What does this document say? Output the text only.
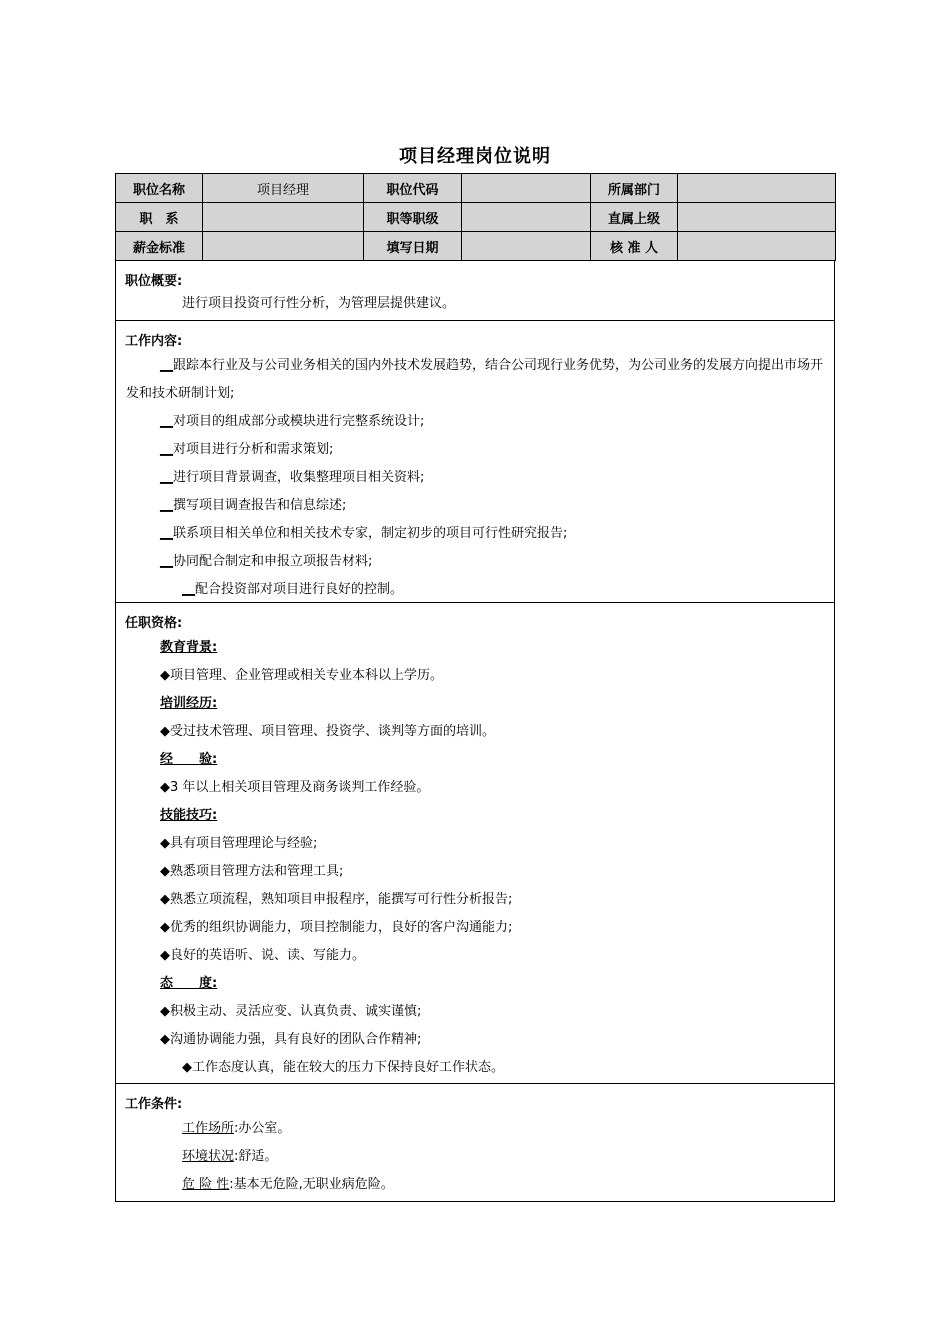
项目经理岗位说明
职位名称	项目经理	职位代码		所属部门	
职　系		职等职级		直属上级	
薪金标准		填写日期		核 准 人	
职位概要:
进行项目投资可行性分析，为管理层提供建议。
工作内容:
__跟踪本行业及与公司业务相关的国内外技术发展趋势，结合公司现行业务优势，为公司业务的发展方向提出市场开发和技术研制计划;
__对项目的组成部分或模块进行完整系统设计;
__对项目进行分析和需求策划;
__进行项目背景调查，收集整理项目相关资料;
__撰写项目调查报告和信息综述;
__联系项目相关单位和相关技术专家，制定初步的项目可行性研究报告;
__协同配合制定和申报立项报告材料;
__配合投资部对项目进行良好的控制。
任职资格:
教育背景:
◆项目管理、企业管理或相关专业本科以上学历。
培训经历:
◆受过技术管理、项目管理、投资学、谈判等方面的培训。
经　　验:
◆3 年以上相关项目管理及商务谈判工作经验。
技能技巧:
◆具有项目管理理论与经验;
◆熟悉项目管理方法和管理工具;
◆熟悉立项流程，熟知项目申报程序，能撰写可行性分析报告;
◆优秀的组织协调能力，项目控制能力，良好的客户沟通能力;
◆良好的英语听、说、读、写能力。
态　　度:
◆积极主动、灵活应变、认真负责、诚实谨慎;
◆沟通协调能力强，具有良好的团队合作精神;
◆工作态度认真，能在较大的压力下保持良好工作状态。
工作条件:
工作场所:办公室。
环境状况:舒适。
危 险 性:基本无危险,无职业病危险。
